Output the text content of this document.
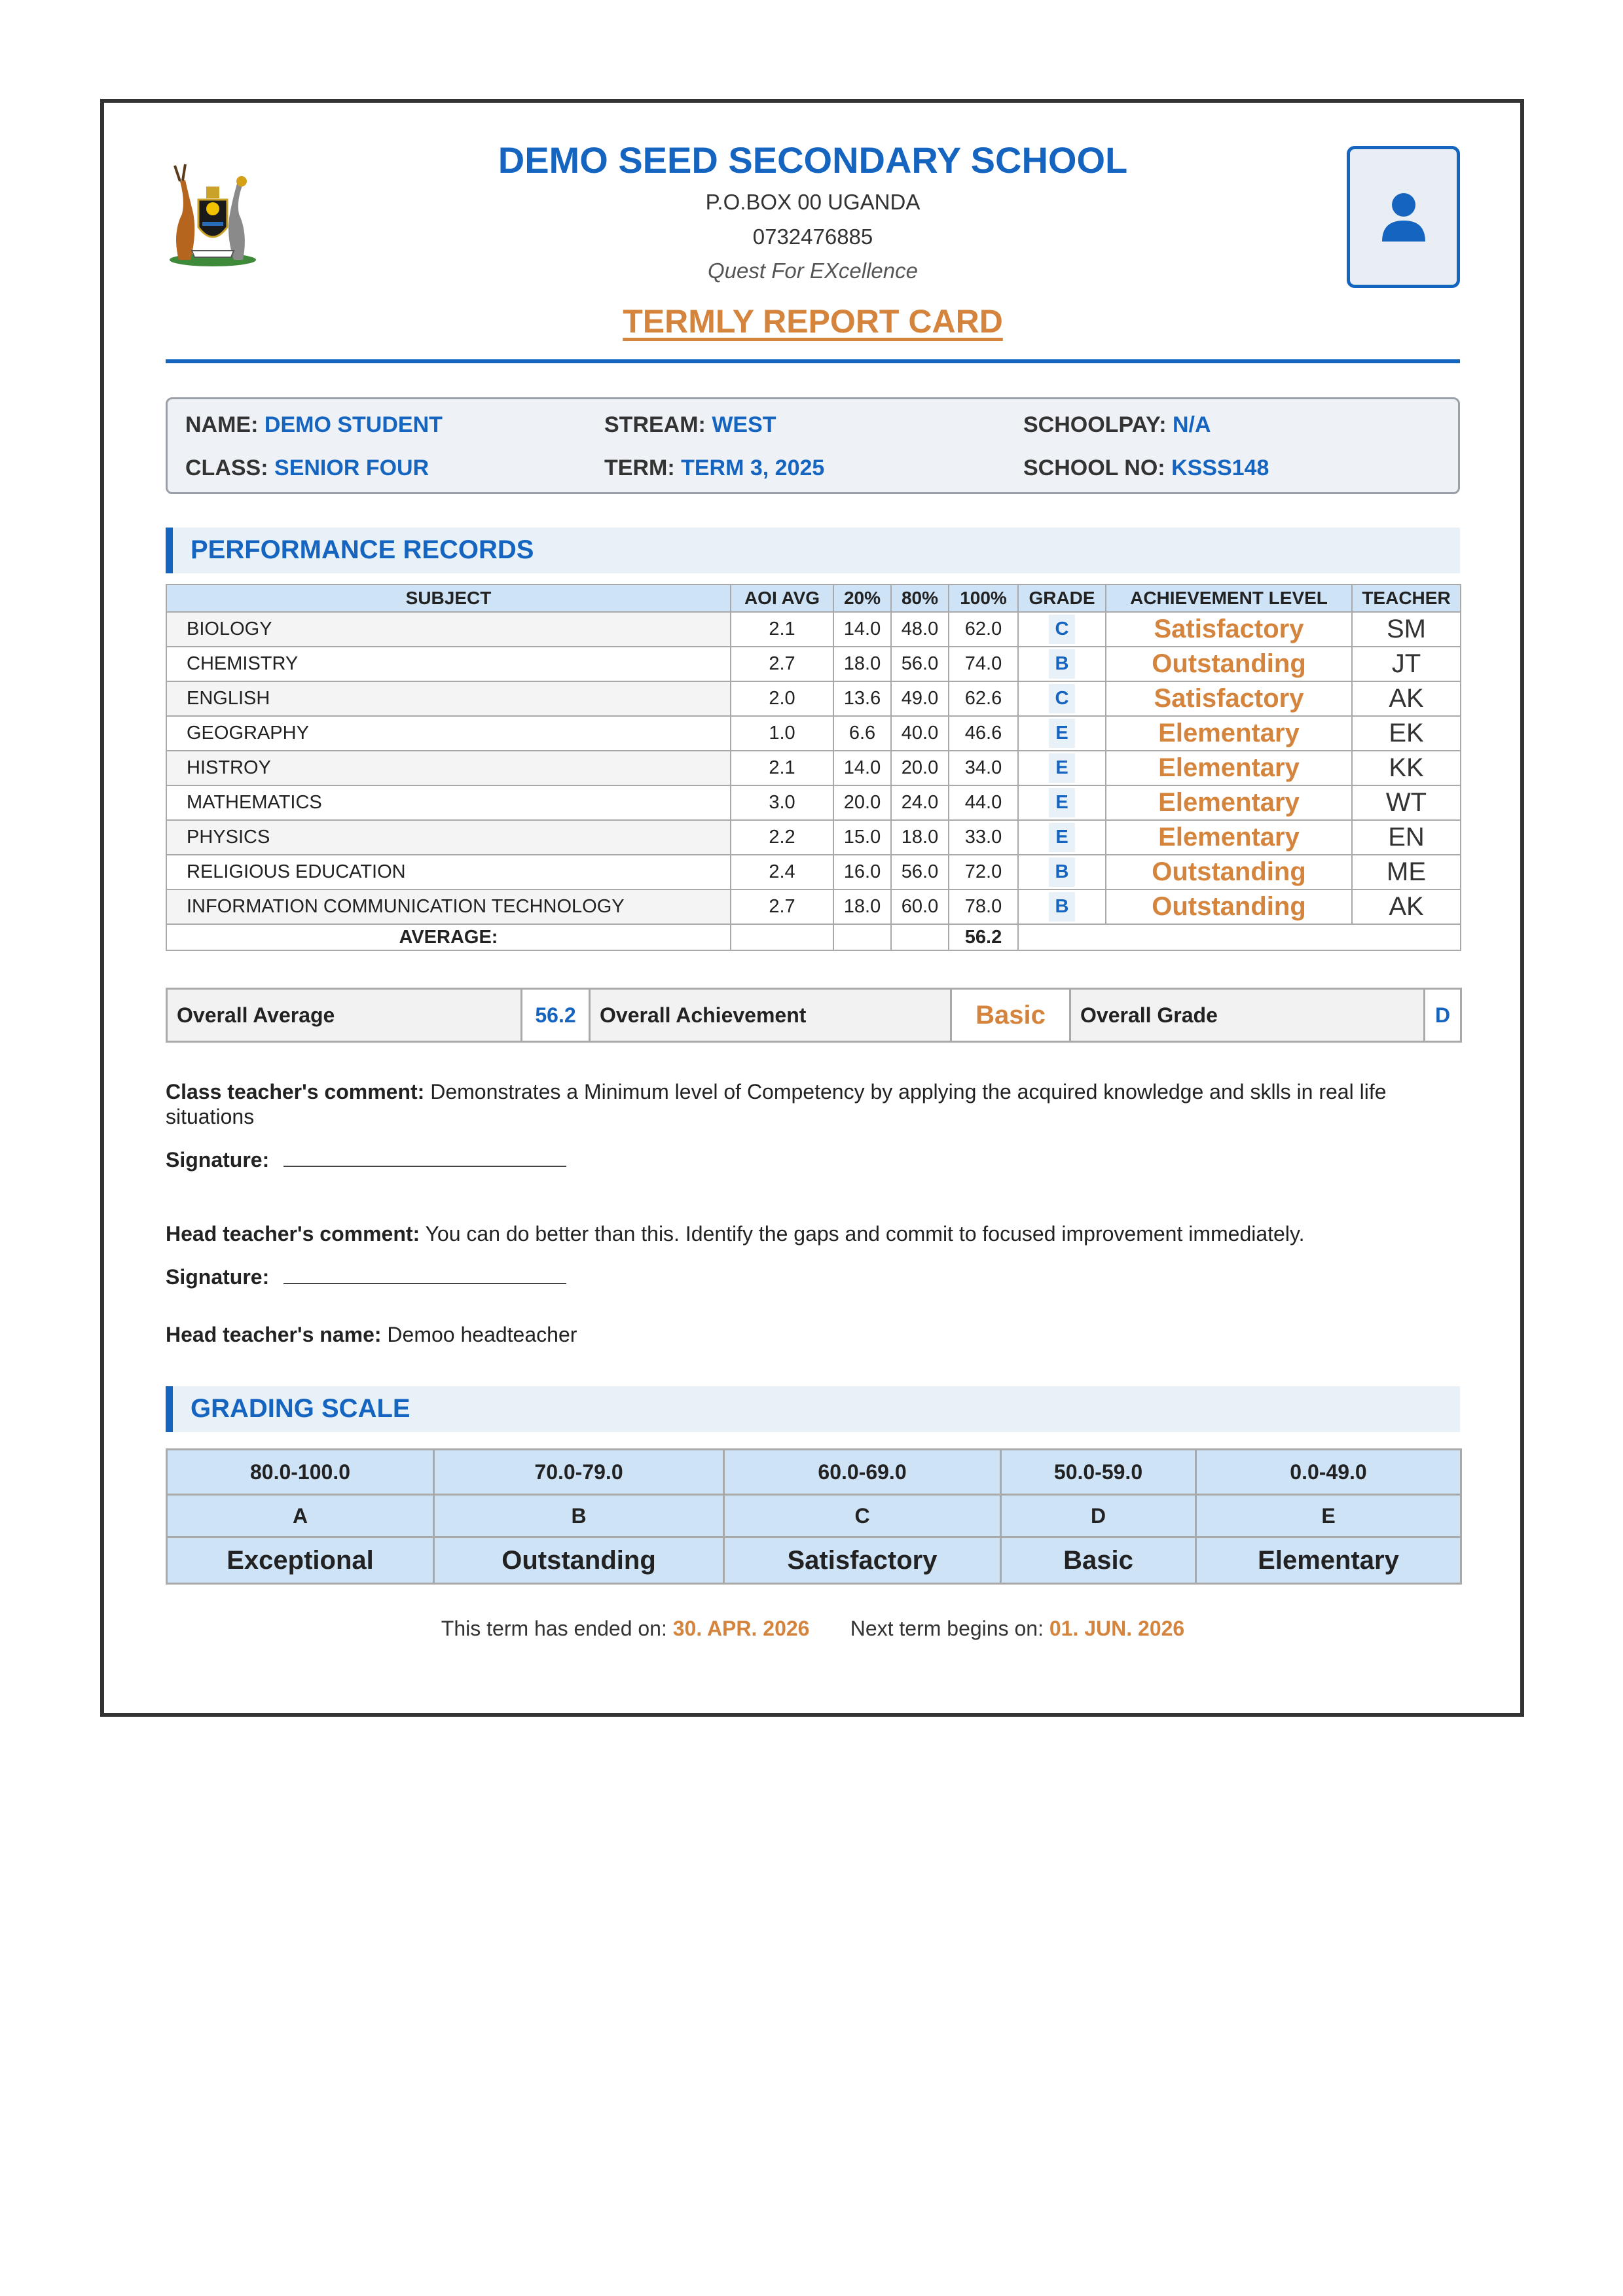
DEMO SEED SECONDARY SCHOOL
P.O.BOX 00 UGANDA
0732476885
Quest For EXcellence
TERMLY REPORT CARD
NAME: DEMO STUDENT	STREAM: WEST	SCHOOLPAY: N/A
CLASS: SENIOR FOUR	TERM: TERM 3, 2025	SCHOOL NO: KSSS148
PERFORMANCE RECORDS
SUBJECT	AOI AVG	20%	80%	100%	GRADE	ACHIEVEMENT LEVEL	TEACHER
BIOLOGY	2.1	14.0	48.0	62.0	C	Satisfactory	SM
CHEMISTRY	2.7	18.0	56.0	74.0	B	Outstanding	JT
ENGLISH	2.0	13.6	49.0	62.6	C	Satisfactory	AK
GEOGRAPHY	1.0	6.6	40.0	46.6	E	Elementary	EK
HISTROY	2.1	14.0	20.0	34.0	E	Elementary	KK
MATHEMATICS	3.0	20.0	24.0	44.0	E	Elementary	WT
PHYSICS	2.2	15.0	18.0	33.0	E	Elementary	EN
RELIGIOUS EDUCATION	2.4	16.0	56.0	72.0	B	Outstanding	ME
INFORMATION COMMUNICATION TECHNOLOGY	2.7	18.0	60.0	78.0	B	Outstanding	AK
AVERAGE:				56.2			
Overall Average	56.2	Overall Achievement	Basic	Overall Grade	D
Class teacher's comment: Demonstrates a Minimum level of Competency by applying the acquired knowledge and sklls in real life situations
Signature:
Head teacher's comment: You can do better than this. Identify the gaps and commit to focused improvement immediately.
Signature:
Head teacher's name: Demoo headteacher
GRADING SCALE
80.0-100.0	70.0-79.0	60.0-69.0	50.0-59.0	0.0-49.0
A	B	C	D	E
Exceptional	Outstanding	Satisfactory	Basic	Elementary
This term has ended on: 30. APR. 2026 Next term begins on: 01. JUN. 2026
